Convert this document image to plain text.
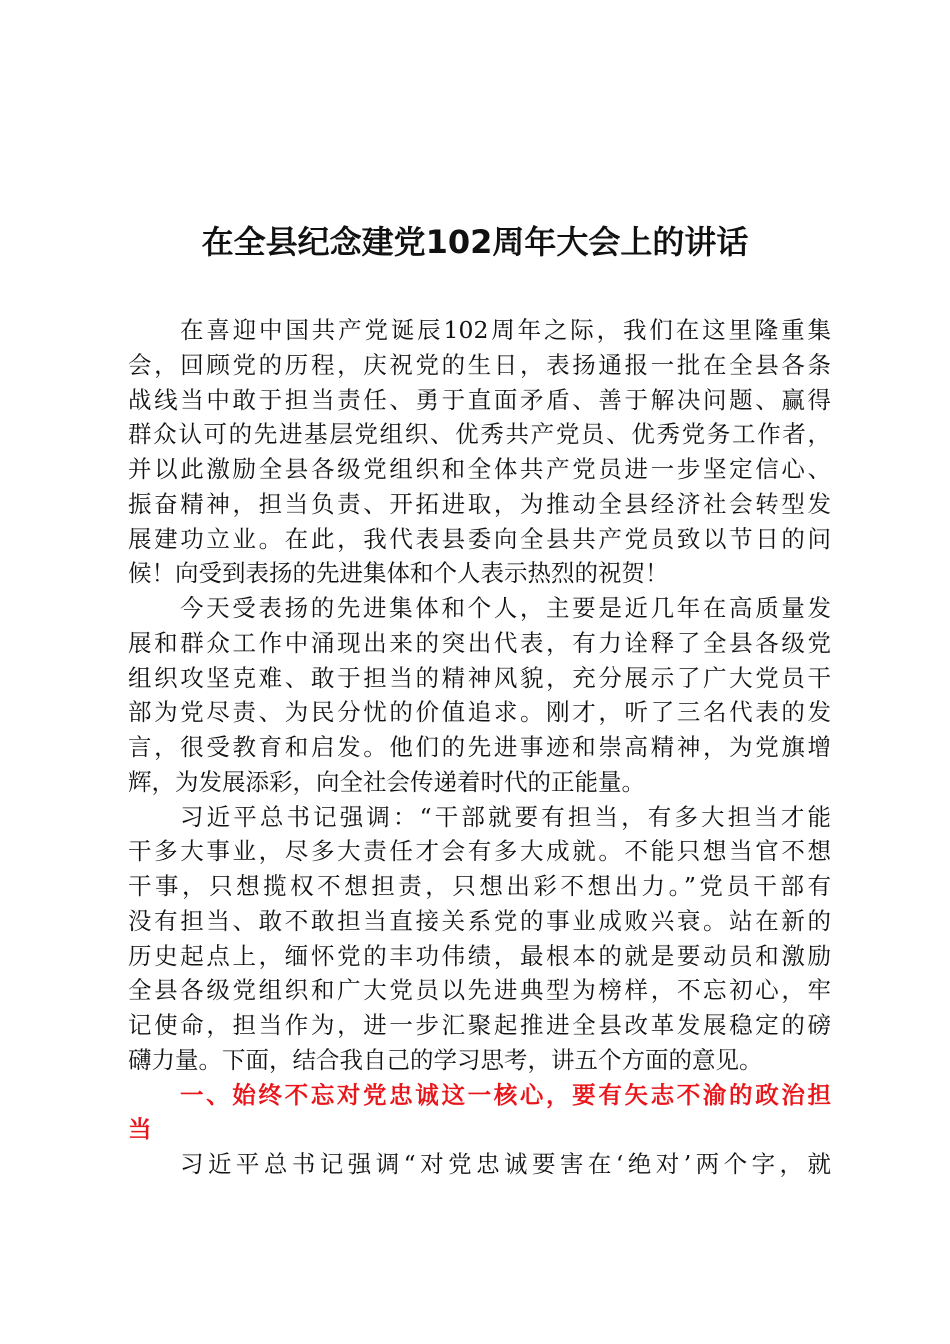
在全县纪念建党102周年大会上的讲话
在喜迎中国共产党诞辰102周年之际，我们在这里隆重集
会，回顾党的历程，庆祝党的生日，表扬通报一批在全县各条
战线当中敢于担当责任、勇于直面矛盾、善于解决问题、赢得
群众认可的先进基层党组织、优秀共产党员、优秀党务工作者，
并以此激励全县各级党组织和全体共产党员进一步坚定信心、
振奋精神，担当负责、开拓进取，为推动全县经济社会转型发
展建功立业。在此，我代表县委向全县共产党员致以节日的问
候！向受到表扬的先进集体和个人表示热烈的祝贺！
今天受表扬的先进集体和个人，主要是近几年在高质量发
展和群众工作中涌现出来的突出代表，有力诠释了全县各级党
组织攻坚克难、敢于担当的精神风貌，充分展示了广大党员干
部为党尽责、为民分忧的价值追求。刚才，听了三名代表的发
言，很受教育和启发。他们的先进事迹和崇高精神，为党旗增
辉，为发展添彩，向全社会传递着时代的正能量。
习近平总书记强调：“干部就要有担当，有多大担当才能
干多大事业，尽多大责任才会有多大成就。不能只想当官不想
干事，只想揽权不想担责，只想出彩不想出力。”党员干部有
没有担当、敢不敢担当直接关系党的事业成败兴衰。站在新的
历史起点上，缅怀党的丰功伟绩，最根本的就是要动员和激励
全县各级党组织和广大党员以先进典型为榜样，不忘初心，牢
记使命，担当作为，进一步汇聚起推进全县改革发展稳定的磅
礴力量。下面，结合我自己的学习思考，讲五个方面的意见。
一、始终不忘对党忠诚这一核心，要有矢志不渝的政治担
当
习近平总书记强调“对党忠诚要害在‘绝对’两个字，就
